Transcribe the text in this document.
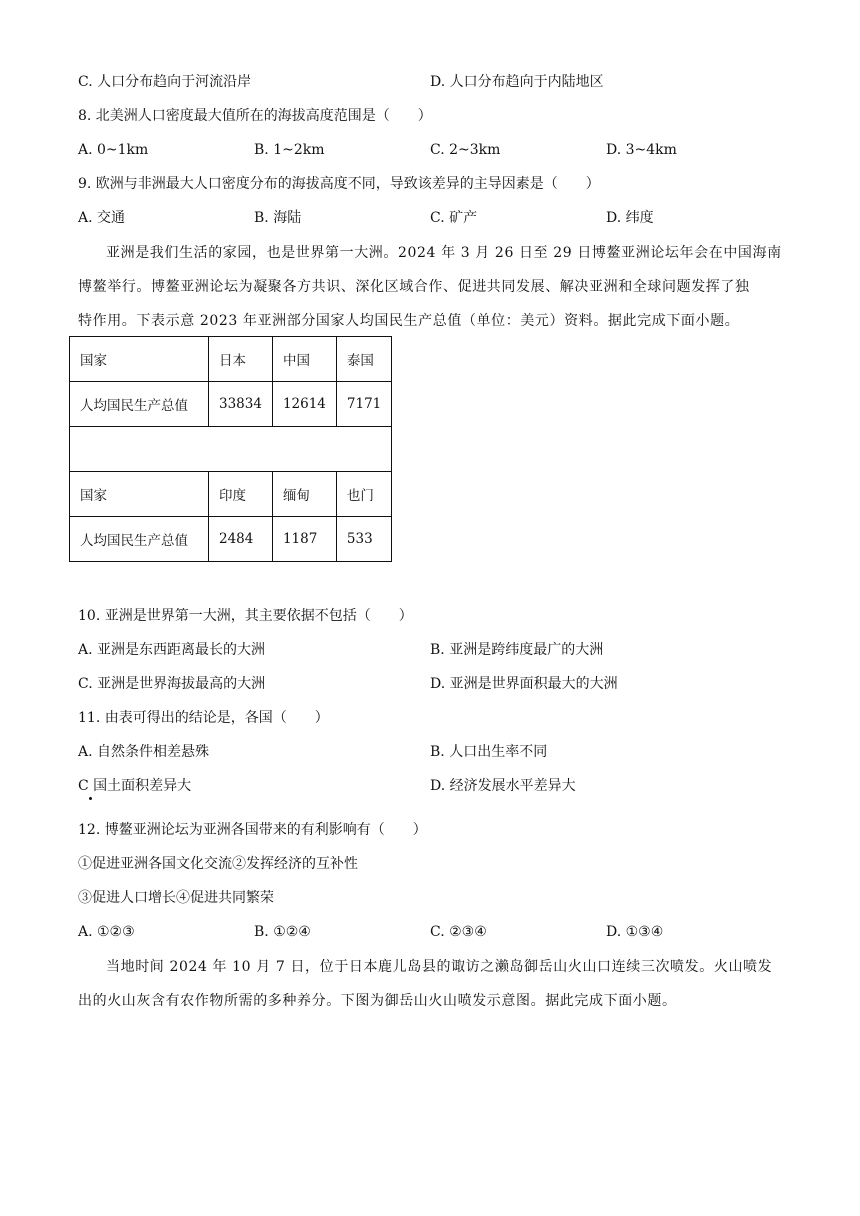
C. 人口分布趋向于河流沿岸	D. 人口分布趋向于内陆地区
8. 北美洲人口密度最大值所在的海拔高度范围是（　　）
A. 0~1km	B. 1~2km	C. 2~3km	D. 3~4km
9. 欧洲与非洲最大人口密度分布的海拔高度不同，导致该差异的主导因素是（　　）
A. 交通	B. 海陆	C. 矿产	D. 纬度
亚洲是我们生活的家园，也是世界第一大洲。2024 年 3 月 26 日至 29 日博鳌亚洲论坛年会在中国海南
博鳌举行。博鳌亚洲论坛为凝聚各方共识、深化区域合作、促进共同发展、解决亚洲和全球问题发挥了独
特作用。下表示意 2023 年亚洲部分国家人均国民生产总值（单位：美元）资料。据此完成下面小题。
国家	日本	中国	泰国
人均国民生产总值	33834	12614	7171

国家	印度	缅甸	也门
人均国民生产总值	2484	1187	533
10. 亚洲是世界第一大洲，其主要依据不包括（　　）
A. 亚洲是东西距离最长的大洲	B. 亚洲是跨纬度最广的大洲
C. 亚洲是世界海拔最高的大洲	D. 亚洲是世界面积最大的大洲
11. 由表可得出的结论是，各国（　　）
A. 自然条件相差悬殊	B. 人口出生率不同
C 国土面积差异大	D. 经济发展水平差异大
12. 博鳌亚洲论坛为亚洲各国带来的有利影响有（　　）
①促进亚洲各国文化交流②发挥经济的互补性
③促进人口增长④促进共同繁荣
A. ①②③	B. ①②④	C. ②③④	D. ①③④
当地时间 2024 年 10 月 7 日，位于日本鹿儿岛县的诹访之濑岛御岳山火山口连续三次喷发。火山喷发
出的火山灰含有农作物所需的多种养分。下图为御岳山火山喷发示意图。据此完成下面小题。
